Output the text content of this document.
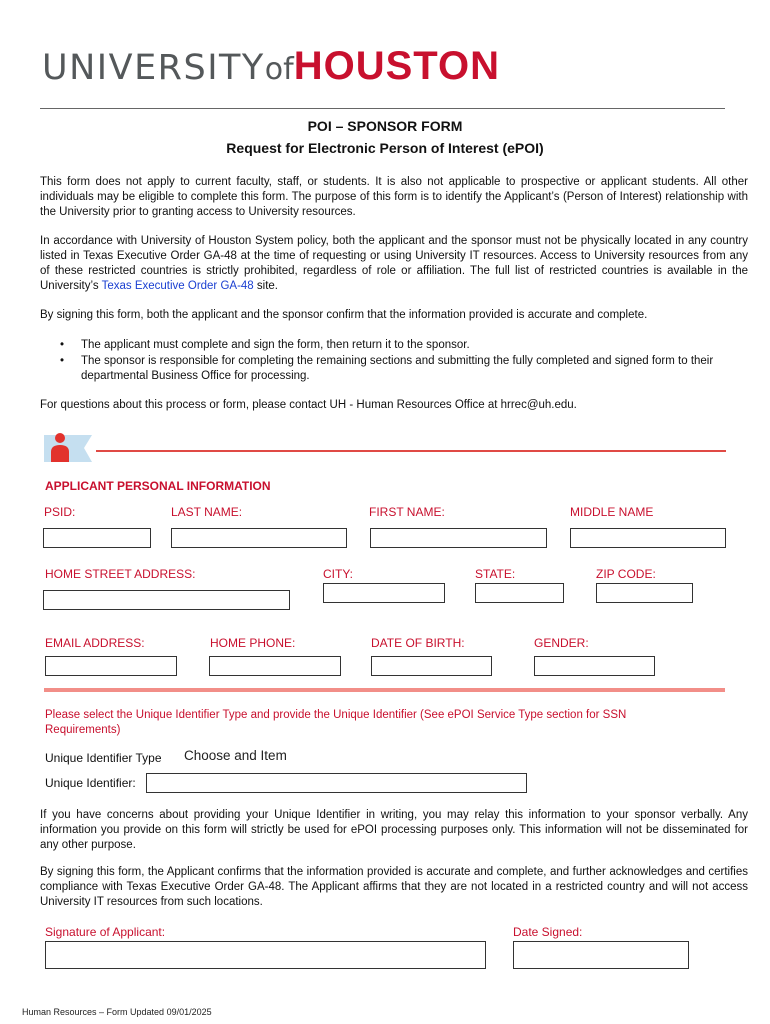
UNIVERSITYofHOUSTON
POI – SPONSOR FORM
Request for Electronic Person of Interest (ePOI)
This form does not apply to current faculty, staff, or students. It is also not applicable to prospective or applicant students. All other individuals may be eligible to complete this form. The purpose of this form is to identify the Applicant’s (Person of Interest) relationship with the University prior to granting access to University resources.
In accordance with University of Houston System policy, both the applicant and the sponsor must not be physically located in any country listed in Texas Executive Order GA-48 at the time of requesting or using University IT resources. Access to University resources from any of these restricted countries is strictly prohibited, regardless of role or affiliation. The full list of restricted countries is available in the University’s Texas Executive Order GA-48 site.
By signing this form, both the applicant and the sponsor confirm that the information provided is accurate and complete.
• The applicant must complete and sign the form, then return it to the sponsor.
• The sponsor is responsible for completing the remaining sections and submitting the fully completed and signed form to their departmental Business Office for processing.
For questions about this process or form, please contact UH - Human Resources Office at hrrec@uh.edu.
APPLICANT PERSONAL INFORMATION
PSID:	LAST NAME:	FIRST NAME:	MIDDLE NAME
HOME STREET ADDRESS:	CITY:	STATE:	ZIP CODE:
EMAIL ADDRESS:	HOME PHONE:	DATE OF BIRTH:	GENDER:
Please select the Unique Identifier Type and provide the Unique Identifier (See ePOI Service Type section for SSN Requirements)
Unique Identifier Type Choose and Item
Unique Identifier:
If you have concerns about providing your Unique Identifier in writing, you may relay this information to your sponsor verbally. Any information you provide on this form will strictly be used for ePOI processing purposes only. This information will not be disseminated for any other purpose.
By signing this form, the Applicant confirms that the information provided is accurate and complete, and further acknowledges and certifies compliance with Texas Executive Order GA-48. The Applicant affirms that they are not located in a restricted country and will not access University IT resources from such locations.
Signature of Applicant:	Date Signed:
Human Resources – Form Updated 09/01/2025
